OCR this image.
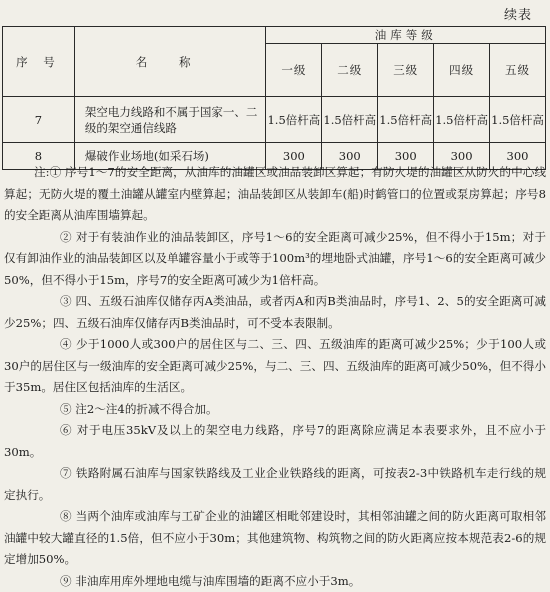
续表
序 号	名 称	油库等级				
		一级	二级	三级	四级	五级
7	架空电力线路和不属于国家一、二级的架空通信线路	1.5倍杆高	1.5倍杆高	1.5倍杆高	1.5倍杆高	1.5倍杆高
8	爆破作业场地(如采石场)	300	300	300	300	300

注:① 序号1～7的安全距离，从油库的油罐区或油品装卸区算起；有防火堤的油罐区从防火的中心线算起；无防火堤的覆土油罐从罐室内壁算起；油品装卸区从装卸车(船)时鹤管口的位置或泵房算起；序号8的安全距离从油库围墙算起。

② 对于有装油作业的油品装卸区，序号1～6的安全距离可减少25%，但不得小于15m；对于仅有卸油作业的油品装卸区以及单罐容量小于或等于100m³的埋地卧式油罐，序号1～6的安全距离可减少50%，但不得小于15m，序号7的安全距离可减少为1倍杆高。

③ 四、五级石油库仅储存丙A类油品，或者丙A和丙B类油品时，序号1、2、5的安全距离可减少25%；四、五级石油库仅储存丙B类油品时，可不受本表限制。

④ 少于1000人或300户的居住区与二、三、四、五级油库的距离可减少25%；少于100人或30户的居住区与一级油库的安全距离可减少25%，与二、三、四、五级油库的距离可减少50%，但不得小于35m。居住区包括油库的生活区。

⑤ 注2～注4的折减不得合加。

⑥ 对于电压35kV及以上的架空电力线路，序号7的距离除应满足本表要求外，且不应小于30m。

⑦ 铁路附属石油库与国家铁路线及工业企业铁路线的距离，可按表2-3中铁路机车走行线的规定执行。

⑧ 当两个油库或油库与工矿企业的油罐区相毗邻建设时，其相邻油罐之间的防火距离可取相邻油罐中较大罐直径的1.5倍，但不应小于30m；其他建筑物、构筑物之间的防火距离应按本规范表2-6的规定增加50%。

⑨ 非油库用库外埋地电缆与油库围墙的距离不应小于3m。
